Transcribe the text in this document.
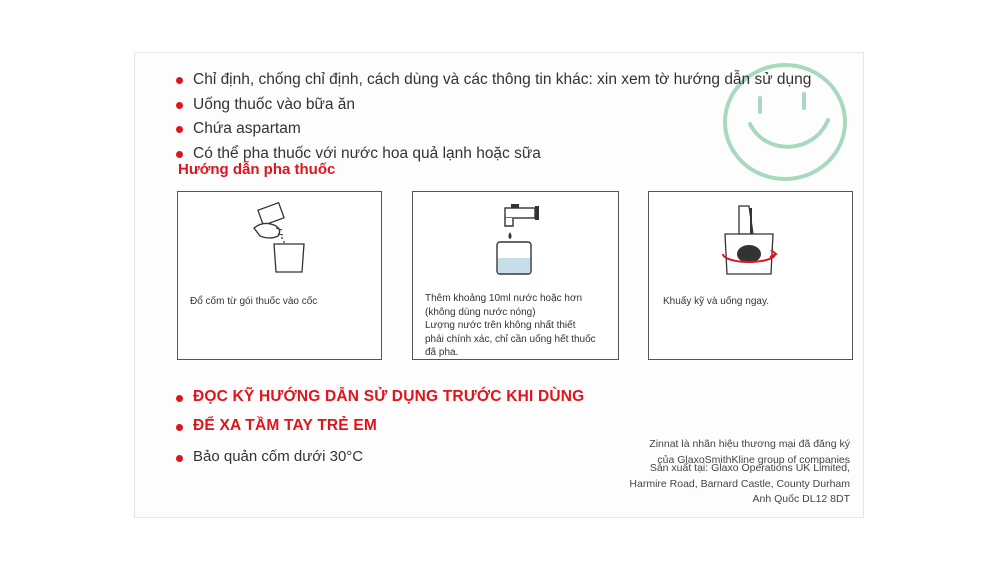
Chỉ định, chống chỉ định, cách dùng và các thông tin khác: xin xem tờ hướng dẫn sử dụng
Uống thuốc vào bữa ăn
Chứa aspartam
Có thể pha thuốc với nước hoa quả lạnh hoặc sữa
Hướng dẫn pha thuốc
Đổ cốm từ gói thuốc vào cốc	Thêm khoảng 10ml nước hoặc hơn
(không dùng nước nóng)
Lượng nước trên không nhất thiết
phải chính xác, chỉ cần uống hết thuốc
đã pha.
Khuấy kỹ và uống ngay.
ĐỌC KỸ HƯỚNG DẪN SỬ DỤNG TRƯỚC KHI DÙNG
ĐỂ XA TẦM TAY TRẺ EM
Bảo quản cốm dưới 30°C
Zinnat là nhãn hiệu thương mại đã đăng ký
của GlaxoSmithKline group of companies
Sản xuất tại: Glaxo Operations UK Limited,
Harmire Road, Barnard Castle, County Durham
Anh Quốc DL12 8DT
